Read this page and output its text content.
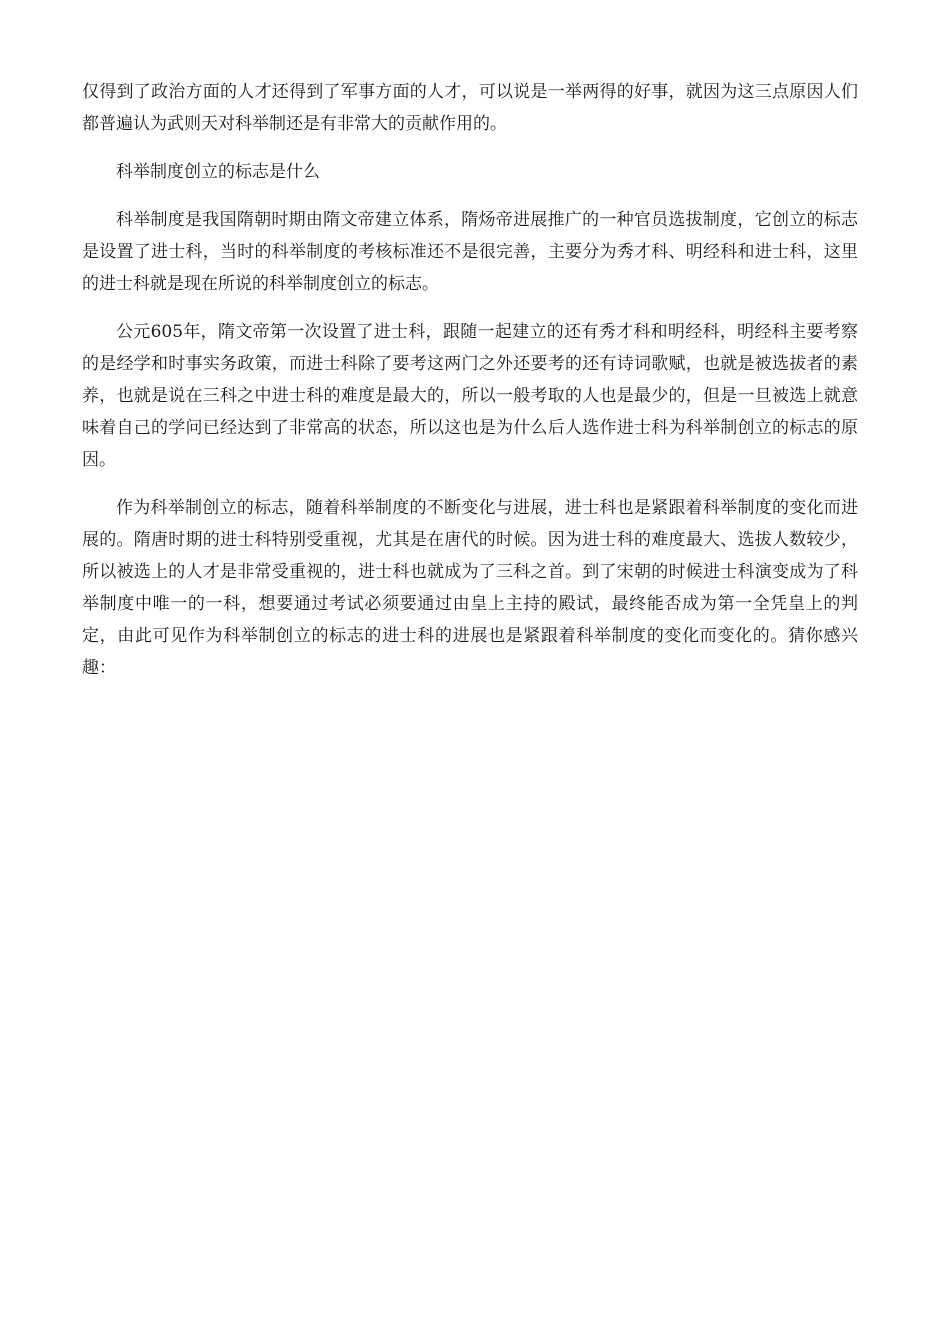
仅得到了政治方面的人才还得到了军事方面的人才，可以说是一举两得的好事，就因为这三点原因人们都普遍认为武则天对科举制还是有非常大的贡献作用的。

科举制度创立的标志是什么

科举制度是我国隋朝时期由隋文帝建立体系，隋炀帝进展推广的一种官员选拔制度，它创立的标志是设置了进士科，当时的科举制度的考核标准还不是很完善，主要分为秀才科、明经科和进士科，这里的进士科就是现在所说的科举制度创立的标志。

公元605年，隋文帝第一次设置了进士科，跟随一起建立的还有秀才科和明经科，明经科主要考察的是经学和时事实务政策，而进士科除了要考这两门之外还要考的还有诗词歌赋，也就是被选拔者的素养，也就是说在三科之中进士科的难度是最大的，所以一般考取的人也是最少的，但是一旦被选上就意味着自己的学问已经达到了非常高的状态，所以这也是为什么后人选作进士科为科举制创立的标志的原因。

作为科举制创立的标志，随着科举制度的不断变化与进展，进士科也是紧跟着科举制度的变化而进展的。隋唐时期的进士科特别受重视，尤其是在唐代的时候。因为进士科的难度最大、选拔人数较少，所以被选上的人才是非常受重视的，进士科也就成为了三科之首。到了宋朝的时候进士科演变成为了科举制度中唯一的一科，想要通过考试必须要通过由皇上主持的殿试，最终能否成为第一全凭皇上的判定，由此可见作为科举制创立的标志的进士科的进展也是紧跟着科举制度的变化而变化的。猜你感兴趣：
